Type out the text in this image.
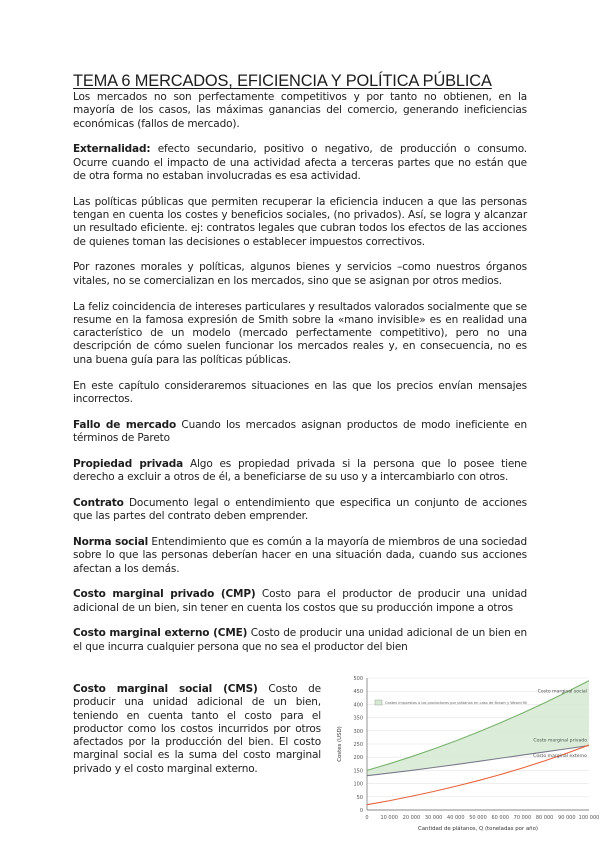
TEMA 6 MERCADOS, EFICIENCIA Y POLÍTICA PÚBLICA

Los mercados no son perfectamente competitivos y por tanto no obtienen, en la mayoría de los casos, las máximas ganancias del comercio, generando ineficiencias económicas (fallos de mercado).

Externalidad: efecto secundario, positivo o negativo, de producción o consumo. Ocurre cuando el impacto de una actividad afecta a terceras partes que no están que de otra forma no estaban involucradas es esa actividad.

Las políticas públicas que permiten recuperar la eficiencia inducen a que las personas tengan en cuenta los costes y beneficios sociales, (no privados). Así, se logra y alcanzar un resultado eficiente. ej: contratos legales que cubran todos los efectos de las acciones de quienes toman las decisiones o establecer impuestos correctivos.

Por razones morales y políticas, algunos bienes y servicios –como nuestros órganos vitales, no se comercializan en los mercados, sino que se asignan por otros medios.

La feliz coincidencia de intereses particulares y resultados valorados socialmente que se resume en la famosa expresión de Smith sobre la «mano invisible» es en realidad una característico de un modelo (mercado perfectamente competitivo), pero no una descripción de cómo suelen funcionar los mercados reales y, en consecuencia, no es una buena guía para las políticas públicas.

En este capítulo consideraremos situaciones en las que los precios envían mensajes incorrectos.

Fallo de mercado Cuando los mercados asignan productos de modo ineficiente en términos de Pareto

Propiedad privada Algo es propiedad privada si la persona que lo posee tiene derecho a excluir a otros de él, a beneficiarse de su uso y a intercambiarlo con otros.

Contrato Documento legal o entendimiento que especifica un conjunto de acciones que las partes del contrato deben emprender.

Norma social Entendimiento que es común a la mayoría de miembros de una sociedad sobre lo que las personas deberían hacer en una situación dada, cuando sus acciones afectan a los demás.

Costo marginal privado (CMP) Costo para el productor de producir una unidad adicional de un bien, sin tener en cuenta los costos que su producción impone a otros

Costo marginal externo (CME) Costo de producir una unidad adicional de un bien en el que incurra cualquier persona que no sea el productor del bien

Costo marginal social (CMS) Costo de producir una unidad adicional de un bien, teniendo en cuenta tanto el costo para el productor como los costos incurridos por otros afectados por la producción del bien. El costo marginal social es la suma del costo marginal privado y el costo marginal externo.

0
50
100
150
200
250
300
350
400
450
500
0 10 000 20 000 30 000 40 000 50 000 60 000 70 000 80 000 90 000 100 000
Costes impuestos a los productores por plátanos en caso de Brown y Weard fill
Costo marginal social
Costo marginal privado
Costo marginal externo
Cantidad de plátanos, Q (toneladas por año)
Costes (USD)
